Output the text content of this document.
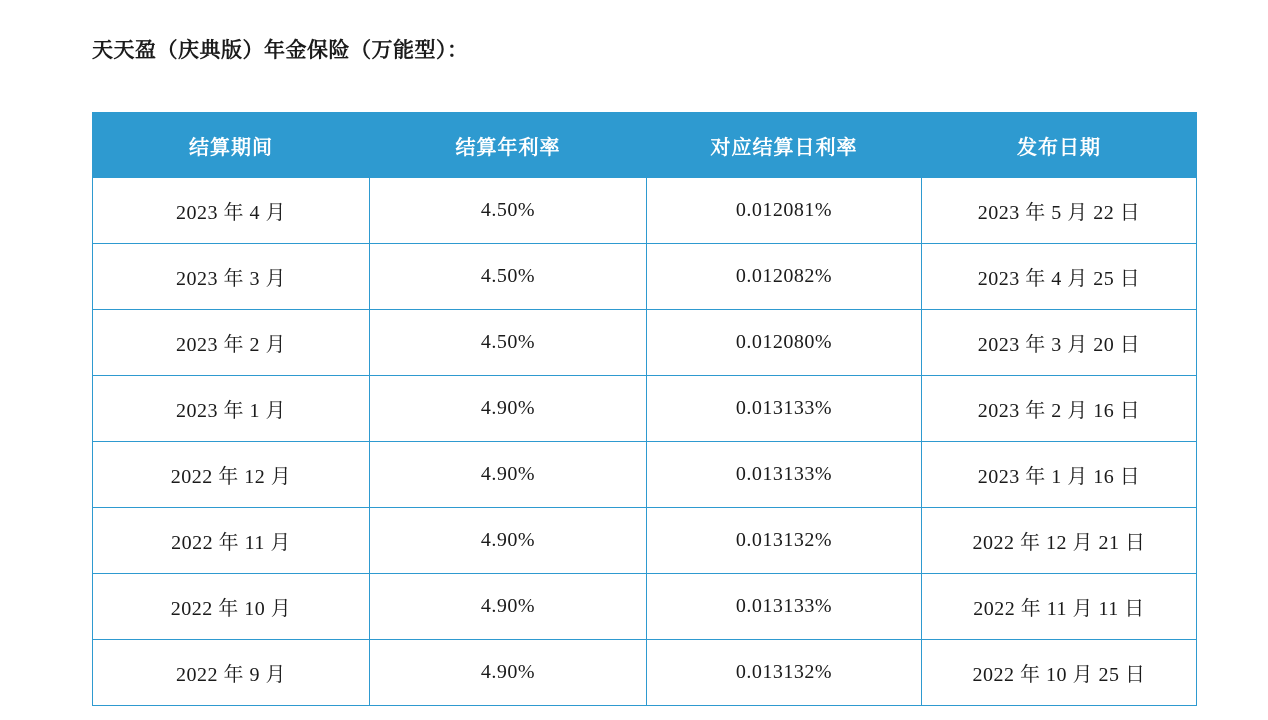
天天盈（庆典版）年金保险（万能型）：
结算期间	结算年利率	对应结算日利率	发布日期
2023 年 4 月	4.50%	0.012081%	2023 年 5 月 22 日
2023 年 3 月	4.50%	0.012082%	2023 年 4 月 25 日
2023 年 2 月	4.50%	0.012080%	2023 年 3 月 20 日
2023 年 1 月	4.90%	0.013133%	2023 年 2 月 16 日
2022 年 12 月	4.90%	0.013133%	2023 年 1 月 16 日
2022 年 11 月	4.90%	0.013132%	2022 年 12 月 21 日
2022 年 10 月	4.90%	0.013133%	2022 年 11 月 11 日
2022 年 9 月	4.90%	0.013132%	2022 年 10 月 25 日
